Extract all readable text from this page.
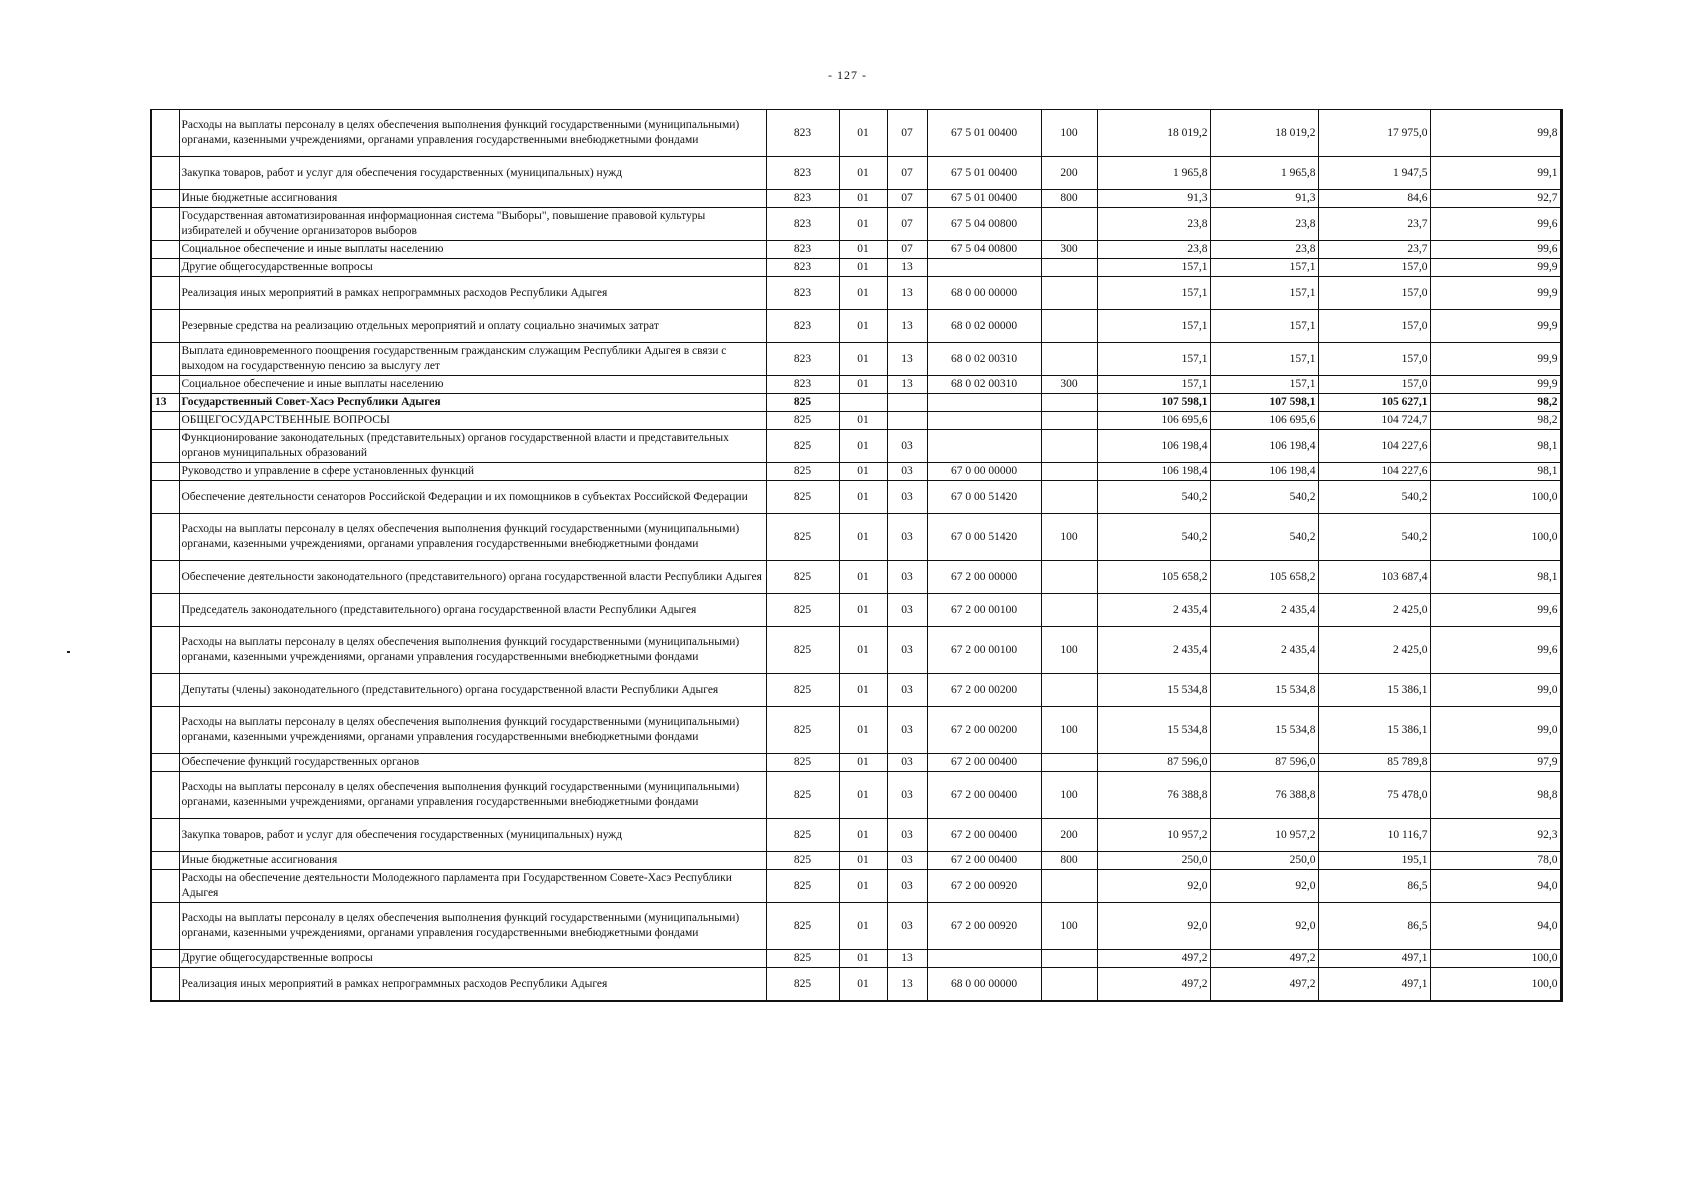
- 127 -
	Расходы на выплаты персоналу в целях обеспечения выполнения функций государственными (муниципальными) органами, казенными учреждениями, органами управления государственными внебюджетными фондами	823	01	07	67 5 01 00400	100	18 019,2	18 019,2	17 975,0	99,8
	Закупка товаров, работ и услуг для обеспечения государственных (муниципальных) нужд	823	01	07	67 5 01 00400	200	1 965,8	1 965,8	1 947,5	99,1
	Иные бюджетные ассигнования	823	01	07	67 5 01 00400	800	91,3	91,3	84,6	92,7
	Государственная автоматизированная информационная система "Выборы", повышение правовой культуры избирателей и обучение организаторов выборов	823	01	07	67 5 04 00800		23,8	23,8	23,7	99,6
	Социальное обеспечение и иные выплаты населению	823	01	07	67 5 04 00800	300	23,8	23,8	23,7	99,6
	Другие общегосударственные вопросы	823	01	13			157,1	157,1	157,0	99,9
	Реализация иных мероприятий в рамках непрограммных расходов Республики Адыгея	823	01	13	68 0 00 00000		157,1	157,1	157,0	99,9
	Резервные средства на реализацию отдельных мероприятий и оплату социально значимых затрат	823	01	13	68 0 02 00000		157,1	157,1	157,0	99,9
	Выплата единовременного поощрения государственным гражданским служащим Республики Адыгея в связи с выходом на государственную пенсию за выслугу лет	823	01	13	68 0 02 00310		157,1	157,1	157,0	99,9
	Социальное обеспечение и иные выплаты населению	823	01	13	68 0 02 00310	300	157,1	157,1	157,0	99,9
13	Государственный Совет-Хасэ Республики Адыгея	825					107 598,1	107 598,1	105 627,1	98,2
	ОБЩЕГОСУДАРСТВЕННЫЕ ВОПРОСЫ	825	01				106 695,6	106 695,6	104 724,7	98,2
	Функционирование законодательных (представительных) органов государственной власти и представительных органов муниципальных образований	825	01	03			106 198,4	106 198,4	104 227,6	98,1
	Руководство и управление в сфере установленных функций	825	01	03	67 0 00 00000		106 198,4	106 198,4	104 227,6	98,1
	Обеспечение деятельности сенаторов Российской Федерации и их помощников в субъектах Российской Федерации	825	01	03	67 0 00 51420		540,2	540,2	540,2	100,0
	Расходы на выплаты персоналу в целях обеспечения выполнения функций государственными (муниципальными) органами, казенными учреждениями, органами управления государственными внебюджетными фондами	825	01	03	67 0 00 51420	100	540,2	540,2	540,2	100,0
	Обеспечение деятельности законодательного (представительного) органа государственной власти Республики Адыгея	825	01	03	67 2 00 00000		105 658,2	105 658,2	103 687,4	98,1
	Председатель законодательного (представительного) органа государственной власти Республики Адыгея	825	01	03	67 2 00 00100		2 435,4	2 435,4	2 425,0	99,6
	Расходы на выплаты персоналу в целях обеспечения выполнения функций государственными (муниципальными) органами, казенными учреждениями, органами управления государственными внебюджетными фондами	825	01	03	67 2 00 00100	100	2 435,4	2 435,4	2 425,0	99,6
	Депутаты (члены) законодательного (представительного) органа государственной власти Республики Адыгея	825	01	03	67 2 00 00200		15 534,8	15 534,8	15 386,1	99,0
	Расходы на выплаты персоналу в целях обеспечения выполнения функций государственными (муниципальными) органами, казенными учреждениями, органами управления государственными внебюджетными фондами	825	01	03	67 2 00 00200	100	15 534,8	15 534,8	15 386,1	99,0
	Обеспечение функций государственных органов	825	01	03	67 2 00 00400		87 596,0	87 596,0	85 789,8	97,9
	Расходы на выплаты персоналу в целях обеспечения выполнения функций государственными (муниципальными) органами, казенными учреждениями, органами управления государственными внебюджетными фондами	825	01	03	67 2 00 00400	100	76 388,8	76 388,8	75 478,0	98,8
	Закупка товаров, работ и услуг для обеспечения государственных (муниципальных) нужд	825	01	03	67 2 00 00400	200	10 957,2	10 957,2	10 116,7	92,3
	Иные бюджетные ассигнования	825	01	03	67 2 00 00400	800	250,0	250,0	195,1	78,0
	Расходы на обеспечение деятельности Молодежного парламента при Государственном Совете-Хасэ Республики Адыгея	825	01	03	67 2 00 00920		92,0	92,0	86,5	94,0
	Расходы на выплаты персоналу в целях обеспечения выполнения функций государственными (муниципальными) органами, казенными учреждениями, органами управления государственными внебюджетными фондами	825	01	03	67 2 00 00920	100	92,0	92,0	86,5	94,0
	Другие общегосударственные вопросы	825	01	13			497,2	497,2	497,1	100,0
	Реализация иных мероприятий в рамках непрограммных расходов Республики Адыгея	825	01	13	68 0 00 00000		497,2	497,2	497,1	100,0
